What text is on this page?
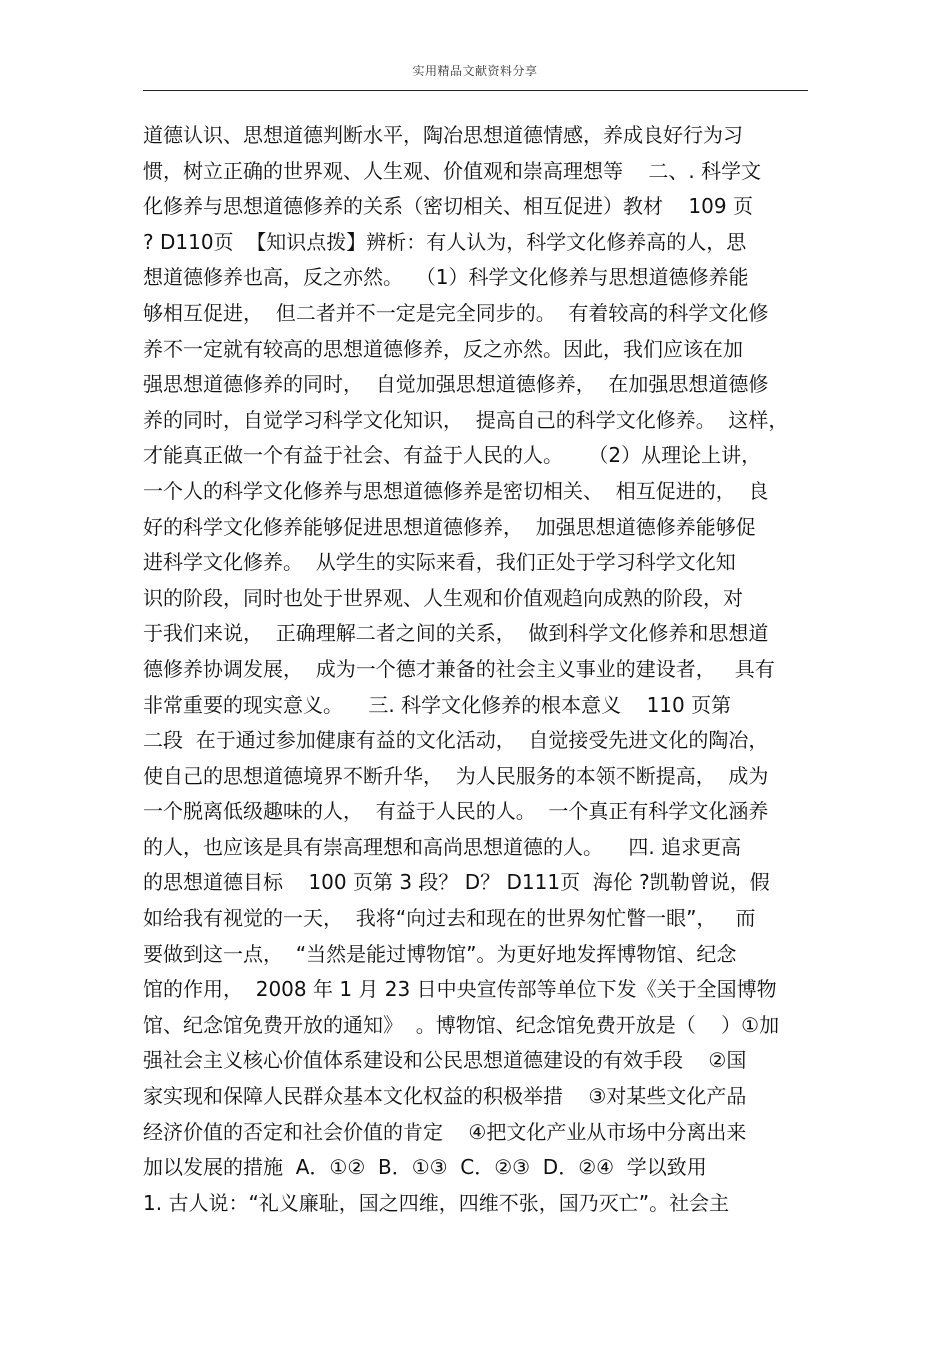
实用精品文献资料分享
道德认识、思想道德判断水平，陶冶思想道德情感，养成良好行为习
惯，树立正确的世界观、人生观、价值观和崇高理想等    二、. 科学文
化修养与思想道德修养的关系（密切相关、相互促进）教材    109 页
? D110页  【知识点拨】辨析：有人认为，科学文化修养高的人，思
想道德修养也高，反之亦然。  （1）科学文化修养与思想道德修养能
够相互促进，  但二者并不一定是完全同步的。  有着较高的科学文化修
养不一定就有较高的思想道德修养，反之亦然。因此，我们应该在加
强思想道德修养的同时，  自觉加强思想道德修养，  在加强思想道德修
养的同时，自觉学习科学文化知识，  提高自己的科学文化修养。  这样，
才能真正做一个有益于社会、有益于人民的人。    （2）从理论上讲，
一个人的科学文化修养与思想道德修养是密切相关、  相互促进的，  良
好的科学文化修养能够促进思想道德修养，  加强思想道德修养能够促
进科学文化修养。  从学生的实际来看，我们正处于学习科学文化知
识的阶段，同时也处于世界观、人生观和价值观趋向成熟的阶段，对
于我们来说，  正确理解二者之间的关系，  做到科学文化修养和思想道
德修养协调发展，  成为一个德才兼备的社会主义事业的建设者，   具有
非常重要的现实意义。    三. 科学文化修养的根本意义    110 页第
二段  在于通过参加健康有益的文化活动，  自觉接受先进文化的陶冶，
使自己的思想道德境界不断升华，  为人民服务的本领不断提高，  成为
一个脱离低级趣味的人，  有益于人民的人。  一个真正有科学文化涵养
的人，也应该是具有崇高理想和高尚思想道德的人。    四. 追求更高
的思想道德目标    100 页第 3 段？ D？ D111页  海伦 ?凯勒曾说，假
如给我有视觉的一天，  我将“向过去和现在的世界匆忙瞥一眼”，   而
要做到这一点，  “当然是能过博物馆”。为更好地发挥博物馆、纪念
馆的作用，  2008 年 1 月 23 日中央宣传部等单位下发《关于全国博物
馆、纪念馆免费开放的通知》  。博物馆、纪念馆免费开放是（    ）①加
强社会主义核心价值体系建设和公民思想道德建设的有效手段    ②国
家实现和保障人民群众基本文化权益的积极举措    ③对某些文化产品
经济价值的否定和社会价值的肯定    ④把文化产业从市场中分离出来
加以发展的措施  A．①②  B．①③  C．②③  D．②④  学以致用
1. 古人说：“礼义廉耻，国之四维，四维不张，国乃灭亡”。社会主
